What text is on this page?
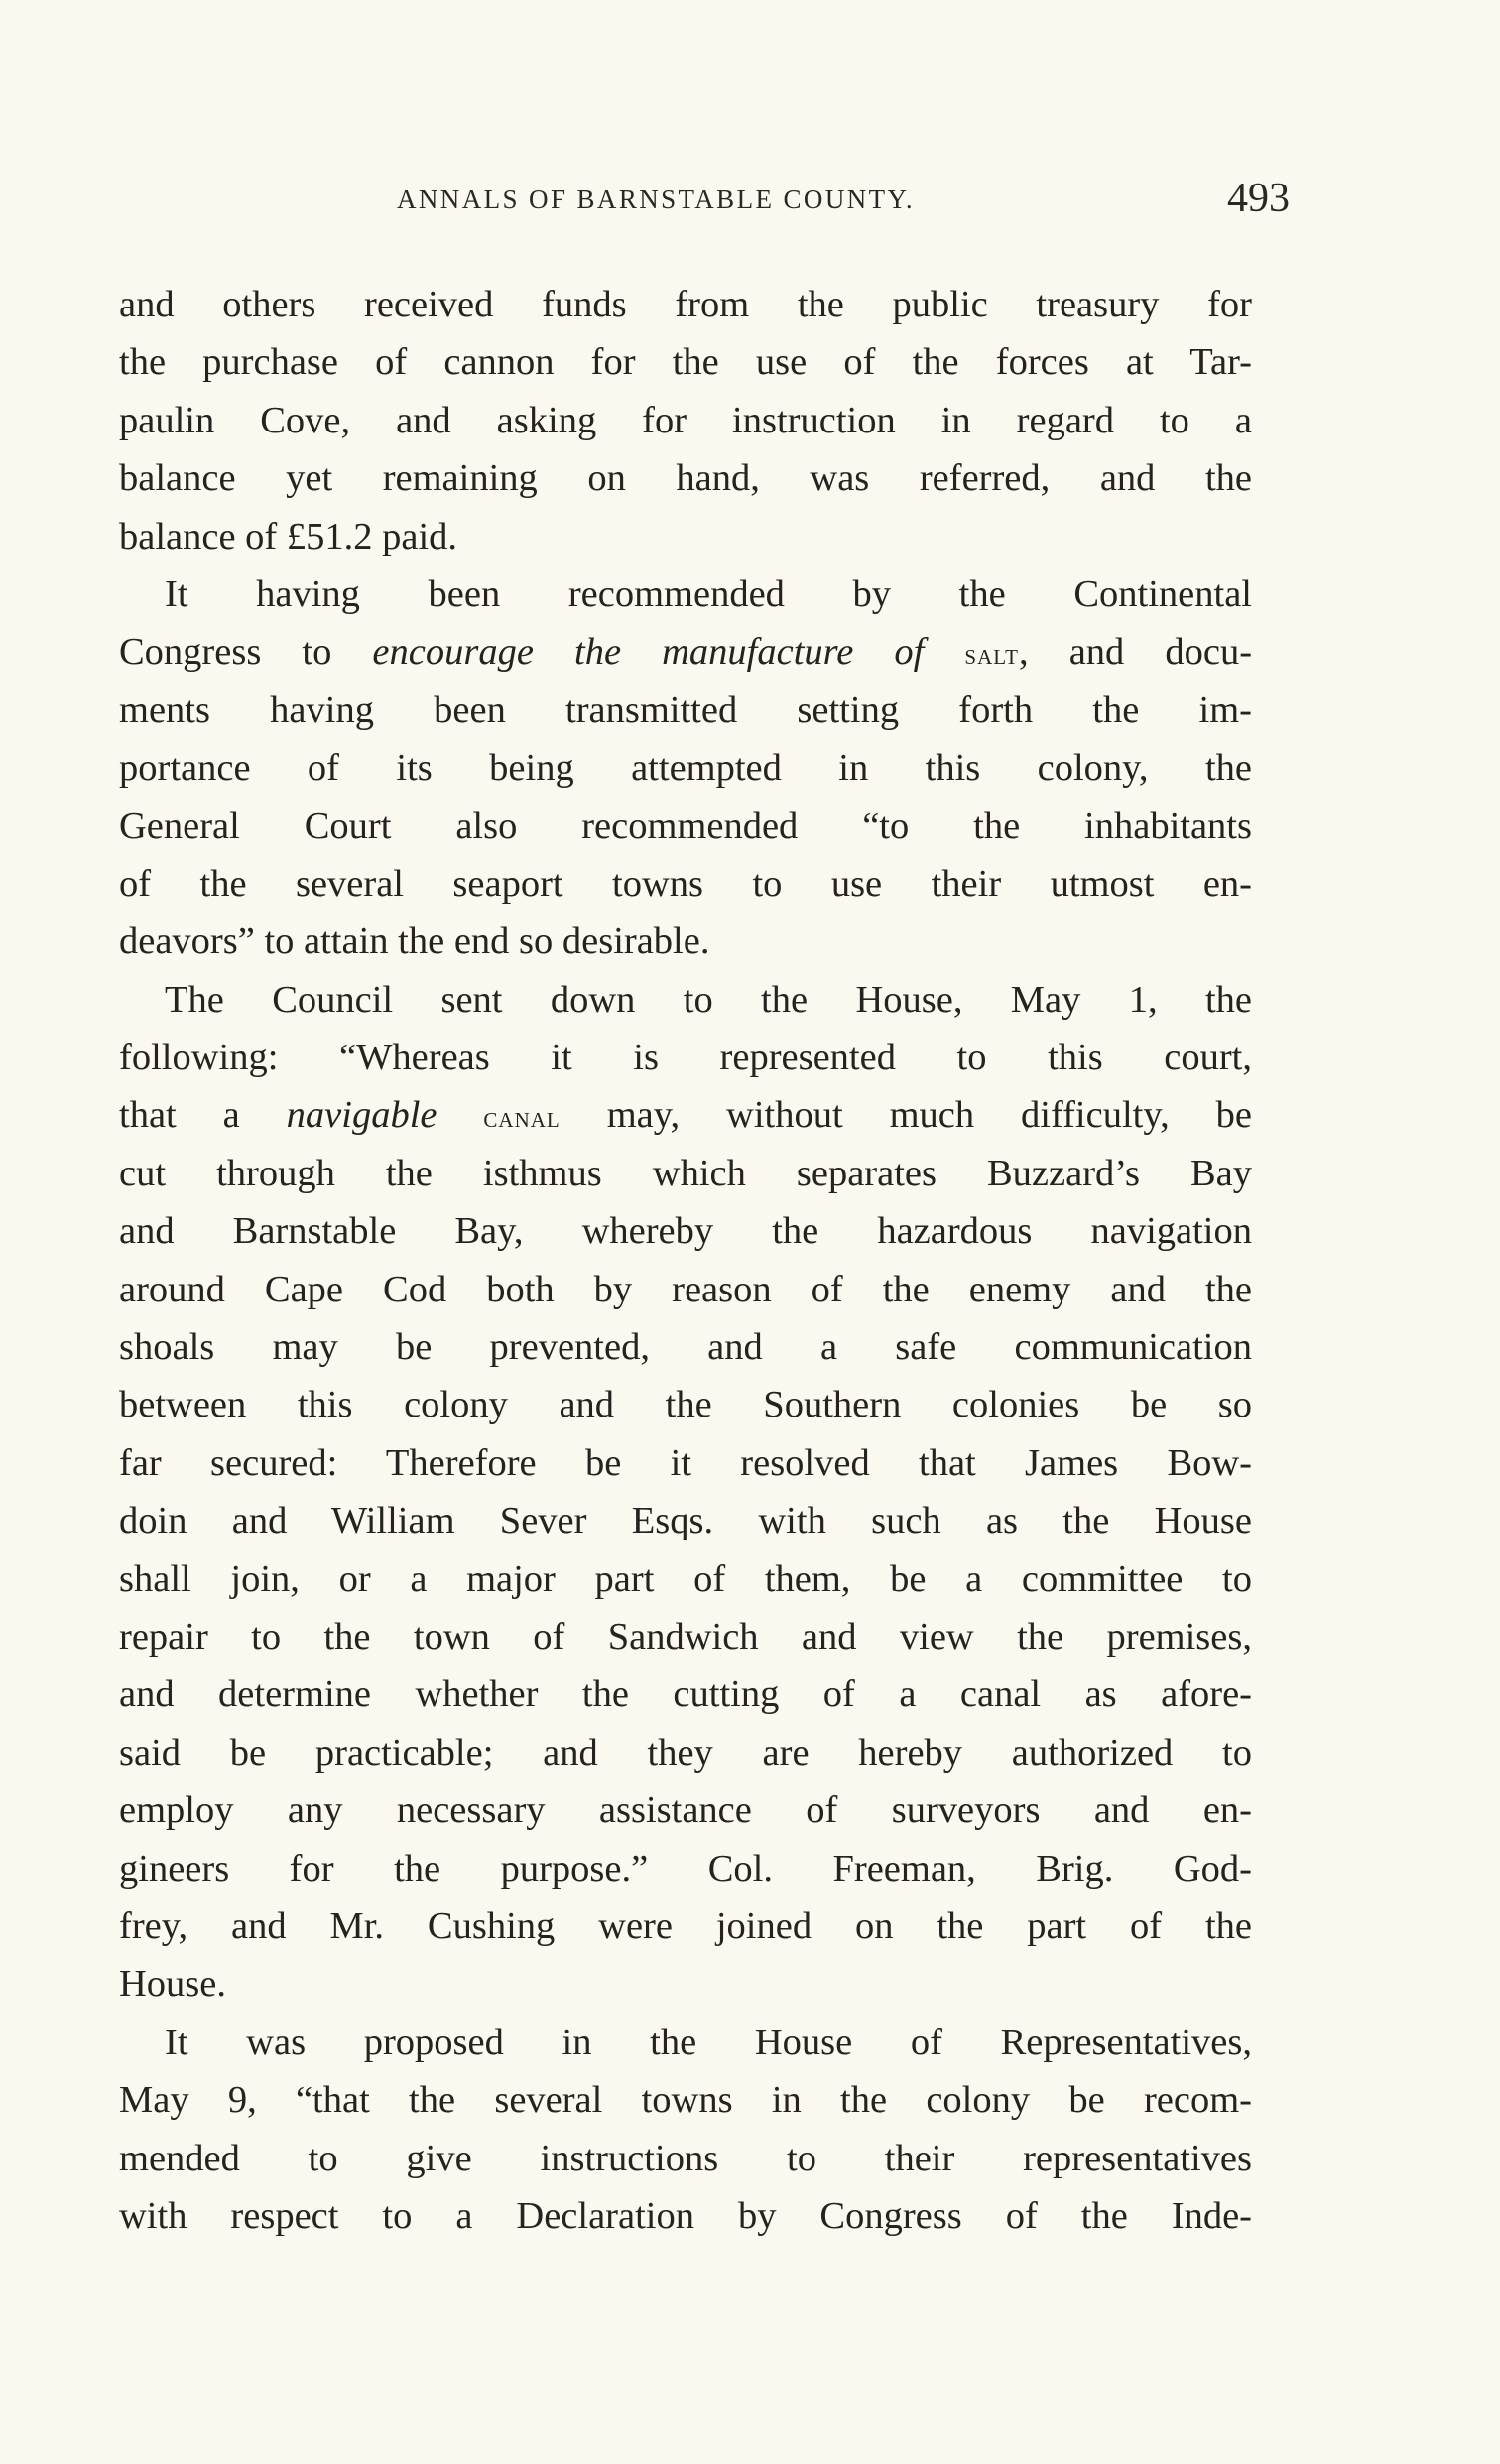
ANNALS OF BARNSTABLE COUNTY.	493
and others received funds from the public treasury for
the purchase of cannon for the use of the forces at Tar-
paulin Cove, and asking for instruction in regard to a
balance yet remaining on hand, was referred, and the
balance of £51.2 paid.
It having been recommended by the Continental
Congress to encourage the manufacture of salt, and docu-
ments having been transmitted setting forth the im-
portance of its being attempted in this colony, the
General Court also recommended “to the inhabitants
of the several seaport towns to use their utmost en-
deavors” to attain the end so desirable.
The Council sent down to the House, May 1, the
following: “Whereas it is represented to this court,
that a navigable canal may, without much difficulty, be
cut through the isthmus which separates Buzzard’s Bay
and Barnstable Bay, whereby the hazardous navigation
around Cape Cod both by reason of the enemy and the
shoals may be prevented, and a safe communication
between this colony and the Southern colonies be so
far secured: Therefore be it resolved that James Bow-
doin and William Sever Esqs. with such as the House
shall join, or a major part of them, be a committee to
repair to the town of Sandwich and view the premises,
and determine whether the cutting of a canal as afore-
said be practicable; and they are hereby authorized to
employ any necessary assistance of surveyors and en-
gineers for the purpose.” Col. Freeman, Brig. God-
frey, and Mr. Cushing were joined on the part of the
House.
It was proposed in the House of Representatives,
May 9, “that the several towns in the colony be recom-
mended to give instructions to their representatives
with respect to a Declaration by Congress of the Inde-
